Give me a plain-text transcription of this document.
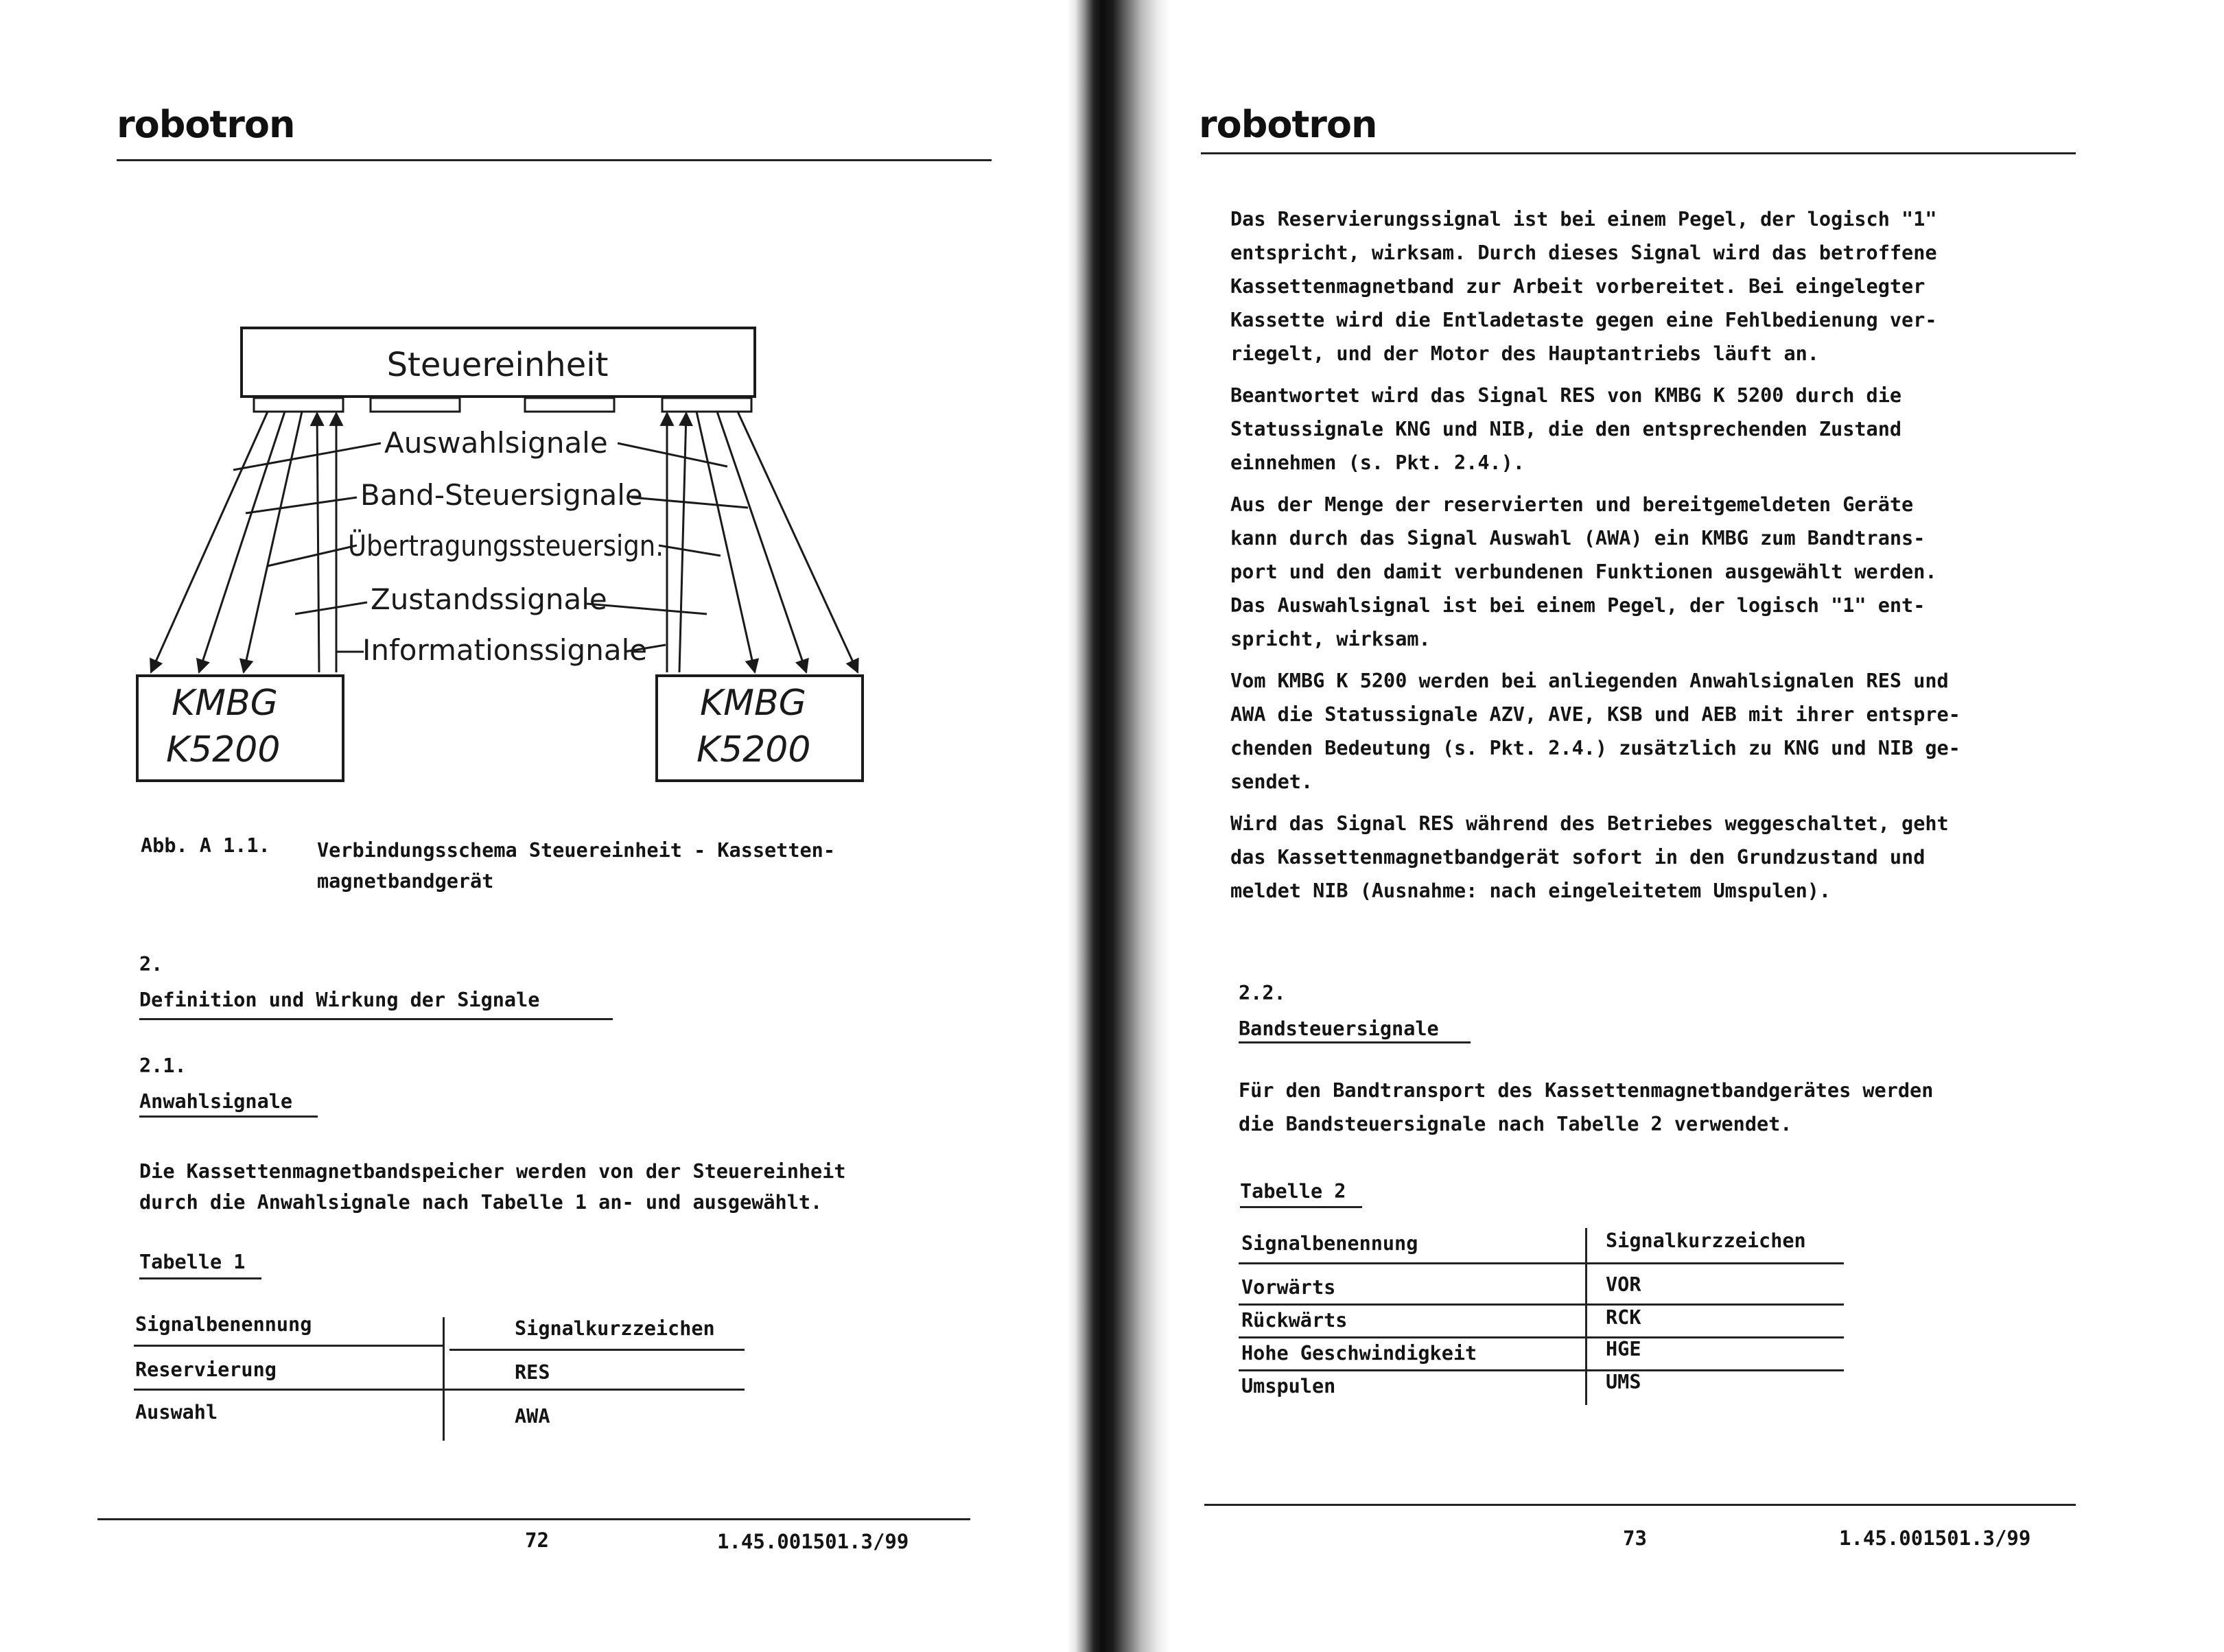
robotron
Steuereinheit
Auswahlsignale
Band-Steuersignale
Übertragungssteuersign.
Zustandssignale
Informationssignale
KMBG
K5200
KMBG
K5200
Abb. A 1.1. Verbindungsschema Steuereinheit - Kassetten-
magnetbandgerät
2.
Definition und Wirkung der Signale
2.1.
Anwahlsignale
Die Kassettenmagnetbandspeicher werden von der Steuereinheit
durch die Anwahlsignale nach Tabelle 1 an- und ausgewählt.
Tabelle 1
Signalbenennung	Signalkurzzeichen
Reservierung	RES
Auswahl	AWA
72	1.45.001501.3/99
robotron

Das Reservierungssignal ist bei einem Pegel, der logisch "1"
entspricht, wirksam. Durch dieses Signal wird das betroffene
Kassettenmagnetband zur Arbeit vorbereitet. Bei eingelegter
Kassette wird die Entladetaste gegen eine Fehlbedienung ver-
riegelt, und der Motor des Hauptantriebs läuft an.

Beantwortet wird das Signal RES von KMBG K 5200 durch die
Statussignale KNG und NIB, die den entsprechenden Zustand
einnehmen (s. Pkt. 2.4.).

Aus der Menge der reservierten und bereitgemeldeten Geräte
kann durch das Signal Auswahl (AWA) ein KMBG zum Bandtrans-
port und den damit verbundenen Funktionen ausgewählt werden.
Das Auswahlsignal ist bei einem Pegel, der logisch "1" ent-
spricht, wirksam.

Vom KMBG K 5200 werden bei anliegenden Anwahlsignalen RES und
AWA die Statussignale AZV, AVE, KSB und AEB mit ihrer entspre-
chenden Bedeutung (s. Pkt. 2.4.) zusätzlich zu KNG und NIB ge-
sendet.

Wird das Signal RES während des Betriebes weggeschaltet, geht
das Kassettenmagnetbandgerät sofort in den Grundzustand und
meldet NIB (Ausnahme: nach eingeleitetem Umspulen).

2.2.
Bandsteuersignale
Für den Bandtransport des Kassettenmagnetbandgerätes werden
die Bandsteuersignale nach Tabelle 2 verwendet.
Tabelle 2
Signalbenennung	Signalkurzzeichen
Vorwärts	VOR
Rückwärts	RCK
Hohe Geschwindigkeit	HGE
Umspulen	UMS
73	1.45.001501.3/99
